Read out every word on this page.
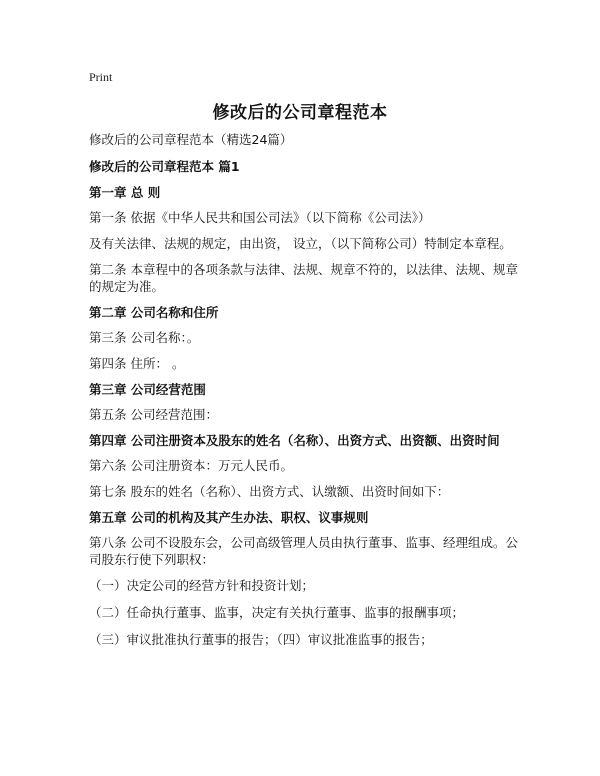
Print
修改后的公司章程范本

修改后的公司章程范本（精选24篇）

修改后的公司章程范本 篇1

第一章 总 则

第一条 依据《中华人民共和国公司法》（以下简称《公司法》）

及有关法律、法规的规定，由出资， 设立，（以下简称公司）特制定本章程。

第二条 本章程中的各项条款与法律、法规、规章不符的，以法律、法规、规章的规定为准。

第二章 公司名称和住所

第三条 公司名称：。

第四条 住所： 。

第三章 公司经营范围

第五条 公司经营范围：

第四章 公司注册资本及股东的姓名（名称）、出资方式、出资额、出资时间

第六条 公司注册资本：万元人民币。

第七条 股东的姓名（名称）、出资方式、认缴额、出资时间如下：

第五章 公司的机构及其产生办法、职权、议事规则

第八条 公司不设股东会，公司高级管理人员由执行董事、监事、经理组成。公司股东行使下列职权：

（一）决定公司的经营方针和投资计划；

（二）任命执行董事、监事，决定有关执行董事、监事的报酬事项；

（三）审议批准执行董事的报告；（四）审议批准监事的报告；
